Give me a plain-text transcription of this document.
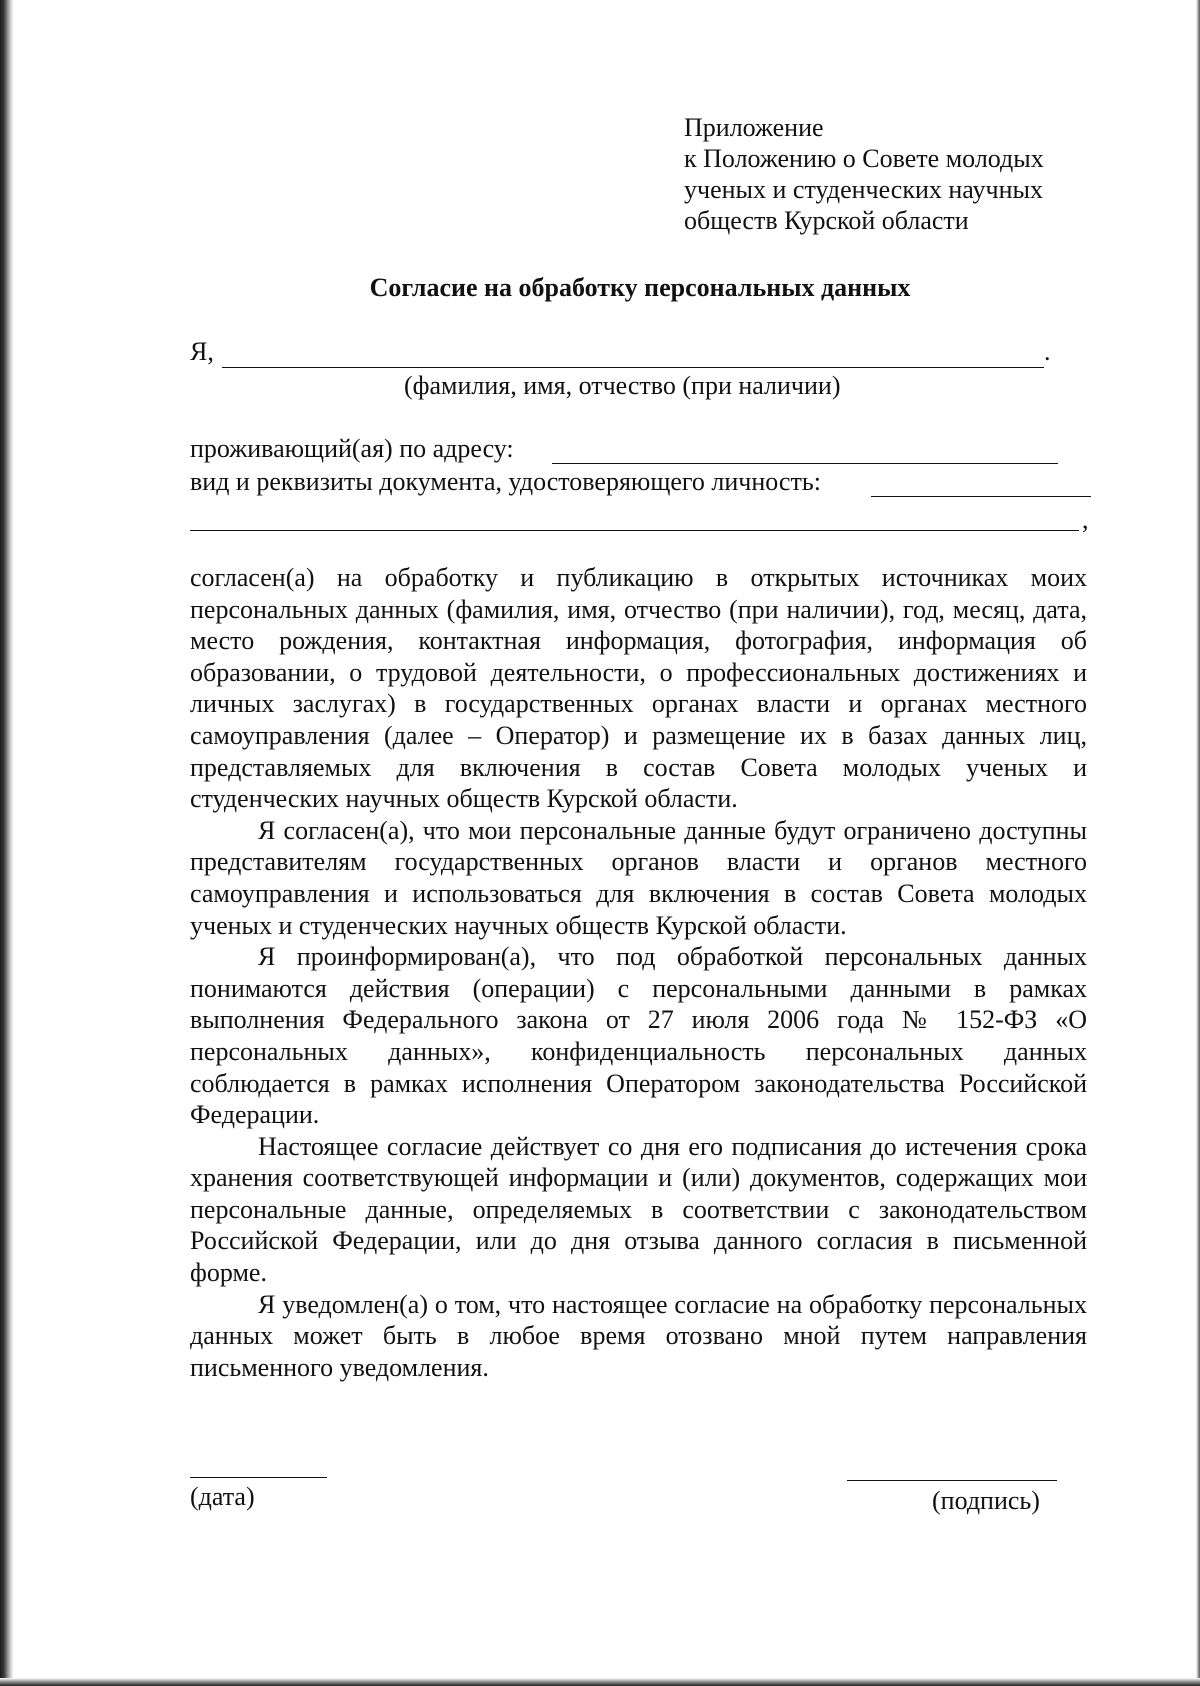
Приложение
к Положению о Совете молодых
ученых и студенческих научных
обществ Курской области
Согласие на обработку персональных данных
Я,	.
(фамилия, имя, отчество (при наличии)
проживающий(ая) по адресу:
вид и реквизиты документа, удостоверяющего личность:
,

согласен(а) на обработку и публикацию в открытых источниках моих персональных данных (фамилия, имя, отчество (при наличии), год, месяц, дата, место рождения, контактная информация, фотография, информация об образовании, о трудовой деятельности, о профессиональных достижениях и личных заслугах) в государственных органах власти и органах местного самоуправления (далее – Оператор) и размещение их в базах данных лиц, представляемых для включения в состав Совета молодых ученых и студенческих научных обществ Курской области.

Я согласен(а), что мои персональные данные будут ограничено доступны представителям государственных органов власти и органов местного самоуправления и использоваться для включения в состав Совета молодых ученых и студенческих научных обществ Курской области.

Я проинформирован(а), что под обработкой персональных данных понимаются действия (операции) с персональными данными в рамках выполнения Федерального закона от 27 июля 2006 года № 152-ФЗ «О персональных данных», конфиденциальность персональных данных соблюдается в рамках исполнения Оператором законодательства Российской Федерации.

Настоящее согласие действует со дня его подписания до истечения срока хранения соответствующей информации и (или) документов, содержащих мои персональные данные, определяемых в соответствии с законодательством Российской Федерации, или до дня отзыва данного согласия в письменной форме.

Я уведомлен(а) о том, что настоящее согласие на обработку персональных данных может быть в любое время отозвано мной путем направления письменного уведомления.

(дата)	(подпись)
